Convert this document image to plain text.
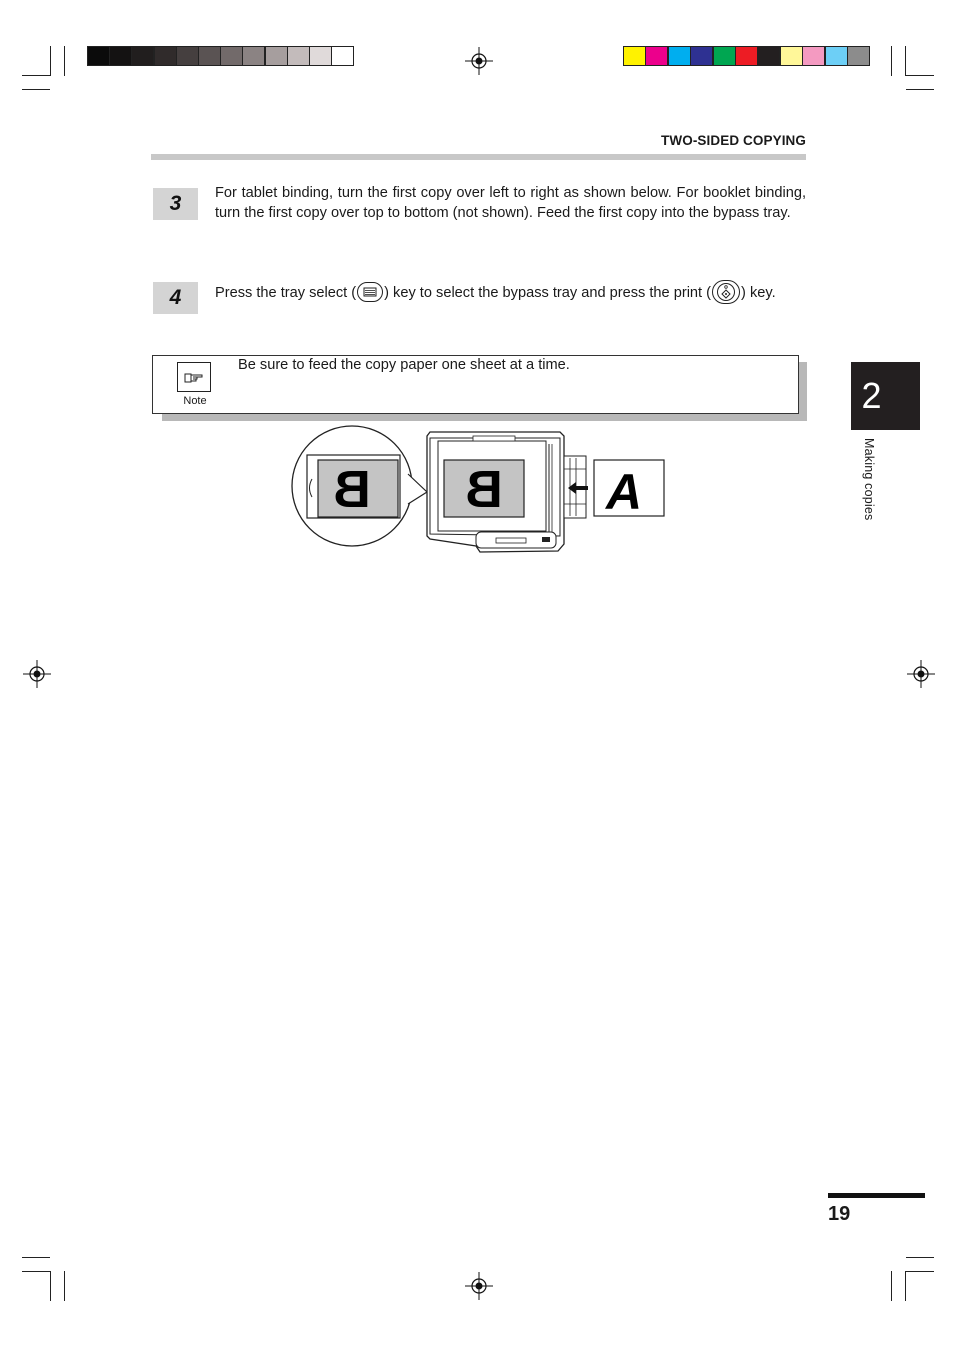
TWO-SIDED COPYING
3	For tablet binding, turn the first copy over left to right as shown below. For booklet binding, turn the first copy over top to bottom (not shown). Feed the first copy into the bypass tray.
4	Press the tray select ( ) key to select the bypass tray and press the print ( ) key.
Note
Be sure to feed the copy paper one sheet at a time.
B B A
2
Making copies
19
